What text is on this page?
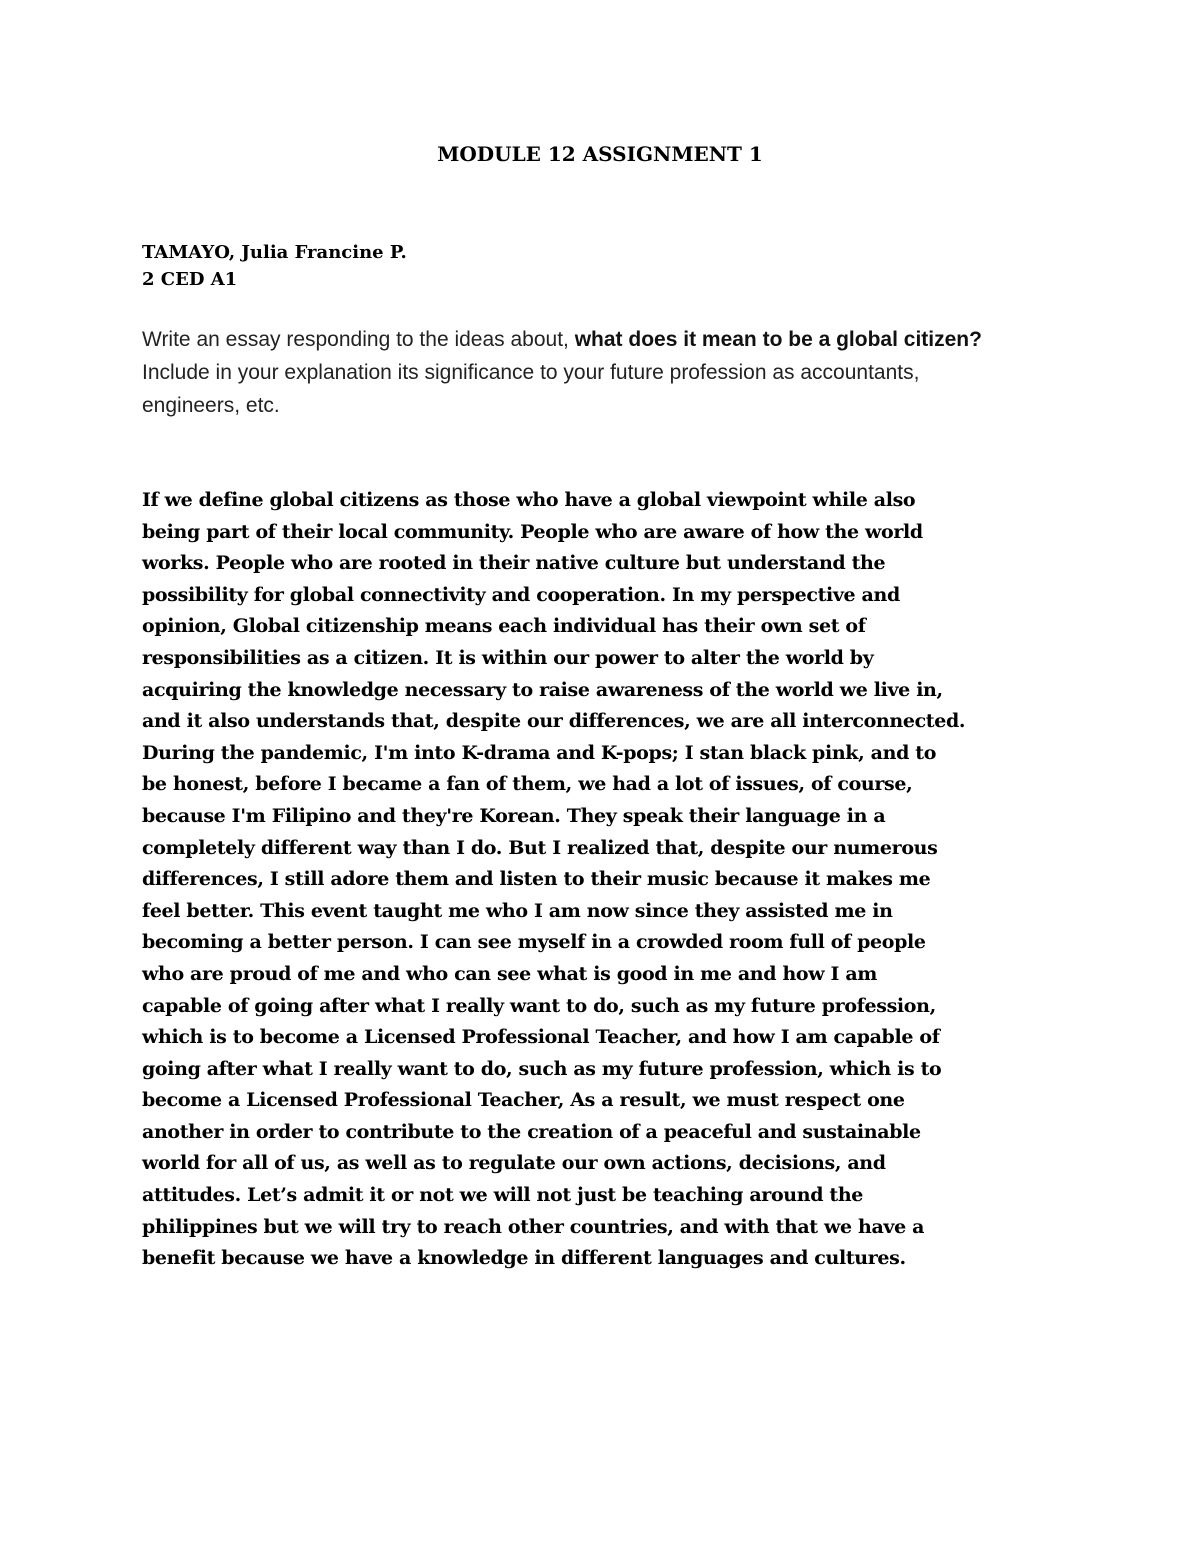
MODULE 12 ASSIGNMENT 1
TAMAYO, Julia Francine P.
2 CED A1

Write an essay responding to the ideas about, what does it mean to be a global citizen? Include in your explanation its significance to your future profession as accountants, engineers, etc.

If we define global citizens as those who have a global viewpoint while also
being part of their local community. People who are aware of how the world
works. People who are rooted in their native culture but understand the
possibility for global connectivity and cooperation. In my perspective and
opinion, Global citizenship means each individual has their own set of
responsibilities as a citizen. It is within our power to alter the world by
acquiring the knowledge necessary to raise awareness of the world we live in,
and it also understands that, despite our differences, we are all interconnected.
During the pandemic, I'm into K-drama and K-pops; I stan black pink, and to
be honest, before I became a fan of them, we had a lot of issues, of course,
because I'm Filipino and they're Korean. They speak their language in a
completely different way than I do. But I realized that, despite our numerous
differences, I still adore them and listen to their music because it makes me
feel better. This event taught me who I am now since they assisted me in
becoming a better person. I can see myself in a crowded room full of people
who are proud of me and who can see what is good in me and how I am
capable of going after what I really want to do, such as my future profession,
which is to become a Licensed Professional Teacher, and how I am capable of
going after what I really want to do, such as my future profession, which is to
become a Licensed Professional Teacher, As a result, we must respect one
another in order to contribute to the creation of a peaceful and sustainable
world for all of us, as well as to regulate our own actions, decisions, and
attitudes. Let’s admit it or not we will not just be teaching around the
philippines but we will try to reach other countries, and with that we have a
benefit because we have a knowledge in different languages and cultures.
